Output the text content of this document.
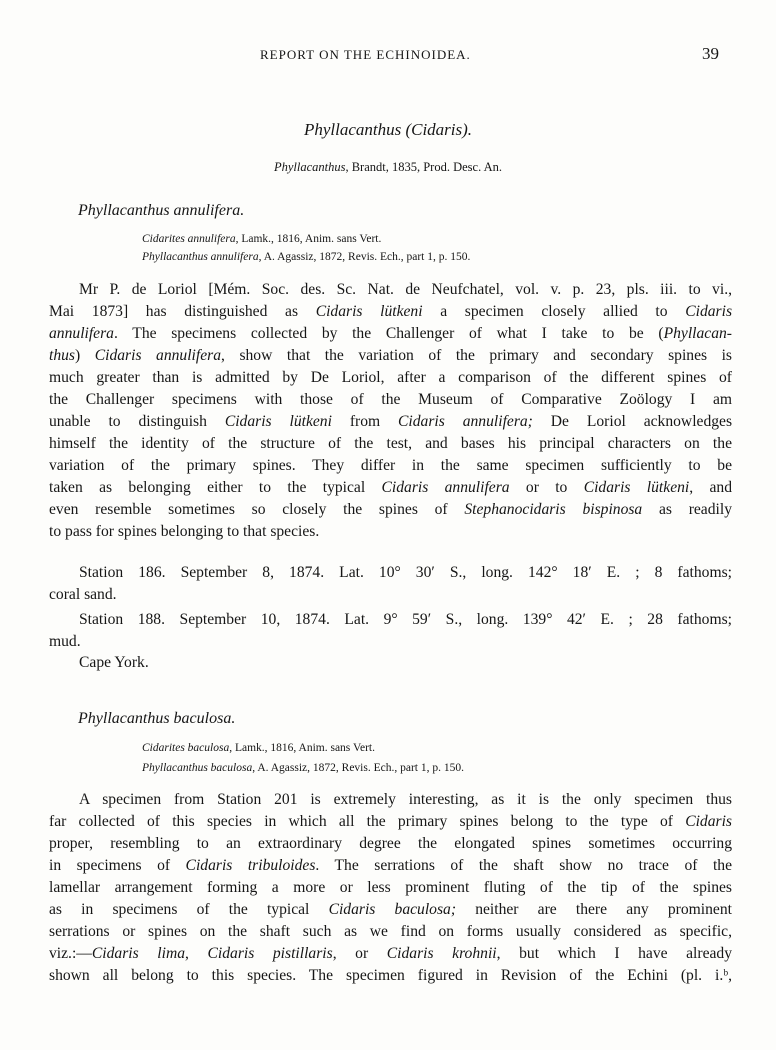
REPORT ON THE ECHINOIDEA.	39
Phyllacanthus (Cidaris).
Phyllacanthus, Brandt, 1835, Prod. Desc. An.
Phyllacanthus annulifera.
Cidarites annulifera, Lamk., 1816, Anim. sans Vert.
Phyllacanthus annulifera, A. Agassiz, 1872, Revis. Ech., part 1, p. 150.
Mr P. de Loriol [Mém. Soc. des. Sc. Nat. de Neufchatel, vol. v. p. 23, pls. iii. to vi.,
Mai 1873] has distinguished as Cidaris lütkeni a specimen closely allied to Cidaris
annulifera. The specimens collected by the Challenger of what I take to be (Phyllacan-
thus) Cidaris annulifera, show that the variation of the primary and secondary spines is
much greater than is admitted by De Loriol, after a comparison of the different spines of
the Challenger specimens with those of the Museum of Comparative Zoölogy I am
unable to distinguish Cidaris lütkeni from Cidaris annulifera; De Loriol acknowledges
himself the identity of the structure of the test, and bases his principal characters on the
variation of the primary spines. They differ in the same specimen sufficiently to be
taken as belonging either to the typical Cidaris annulifera or to Cidaris lütkeni, and
even resemble sometimes so closely the spines of Stephanocidaris bispinosa as readily
to pass for spines belonging to that species.
Station 186. September 8, 1874. Lat. 10° 30′ S., long. 142° 18′ E. ; 8 fathoms;
coral sand.
Station 188. September 10, 1874. Lat. 9° 59′ S., long. 139° 42′ E. ; 28 fathoms;
mud.
Cape York.
Phyllacanthus baculosa.
Cidarites baculosa, Lamk., 1816, Anim. sans Vert.
Phyllacanthus baculosa, A. Agassiz, 1872, Revis. Ech., part 1, p. 150.
A specimen from Station 201 is extremely interesting, as it is the only specimen thus
far collected of this species in which all the primary spines belong to the type of Cidaris
proper, resembling to an extraordinary degree the elongated spines sometimes occurring
in specimens of Cidaris tribuloides. The serrations of the shaft show no trace of the
lamellar arrangement forming a more or less prominent fluting of the tip of the spines
as in specimens of the typical Cidaris baculosa; neither are there any prominent
serrations or spines on the shaft such as we find on forms usually considered as specific,
viz.:—Cidaris lima, Cidaris pistillaris, or Cidaris krohnii, but which I have already
shown all belong to this species. The specimen figured in Revision of the Echini (pl. i.ᵇ,
